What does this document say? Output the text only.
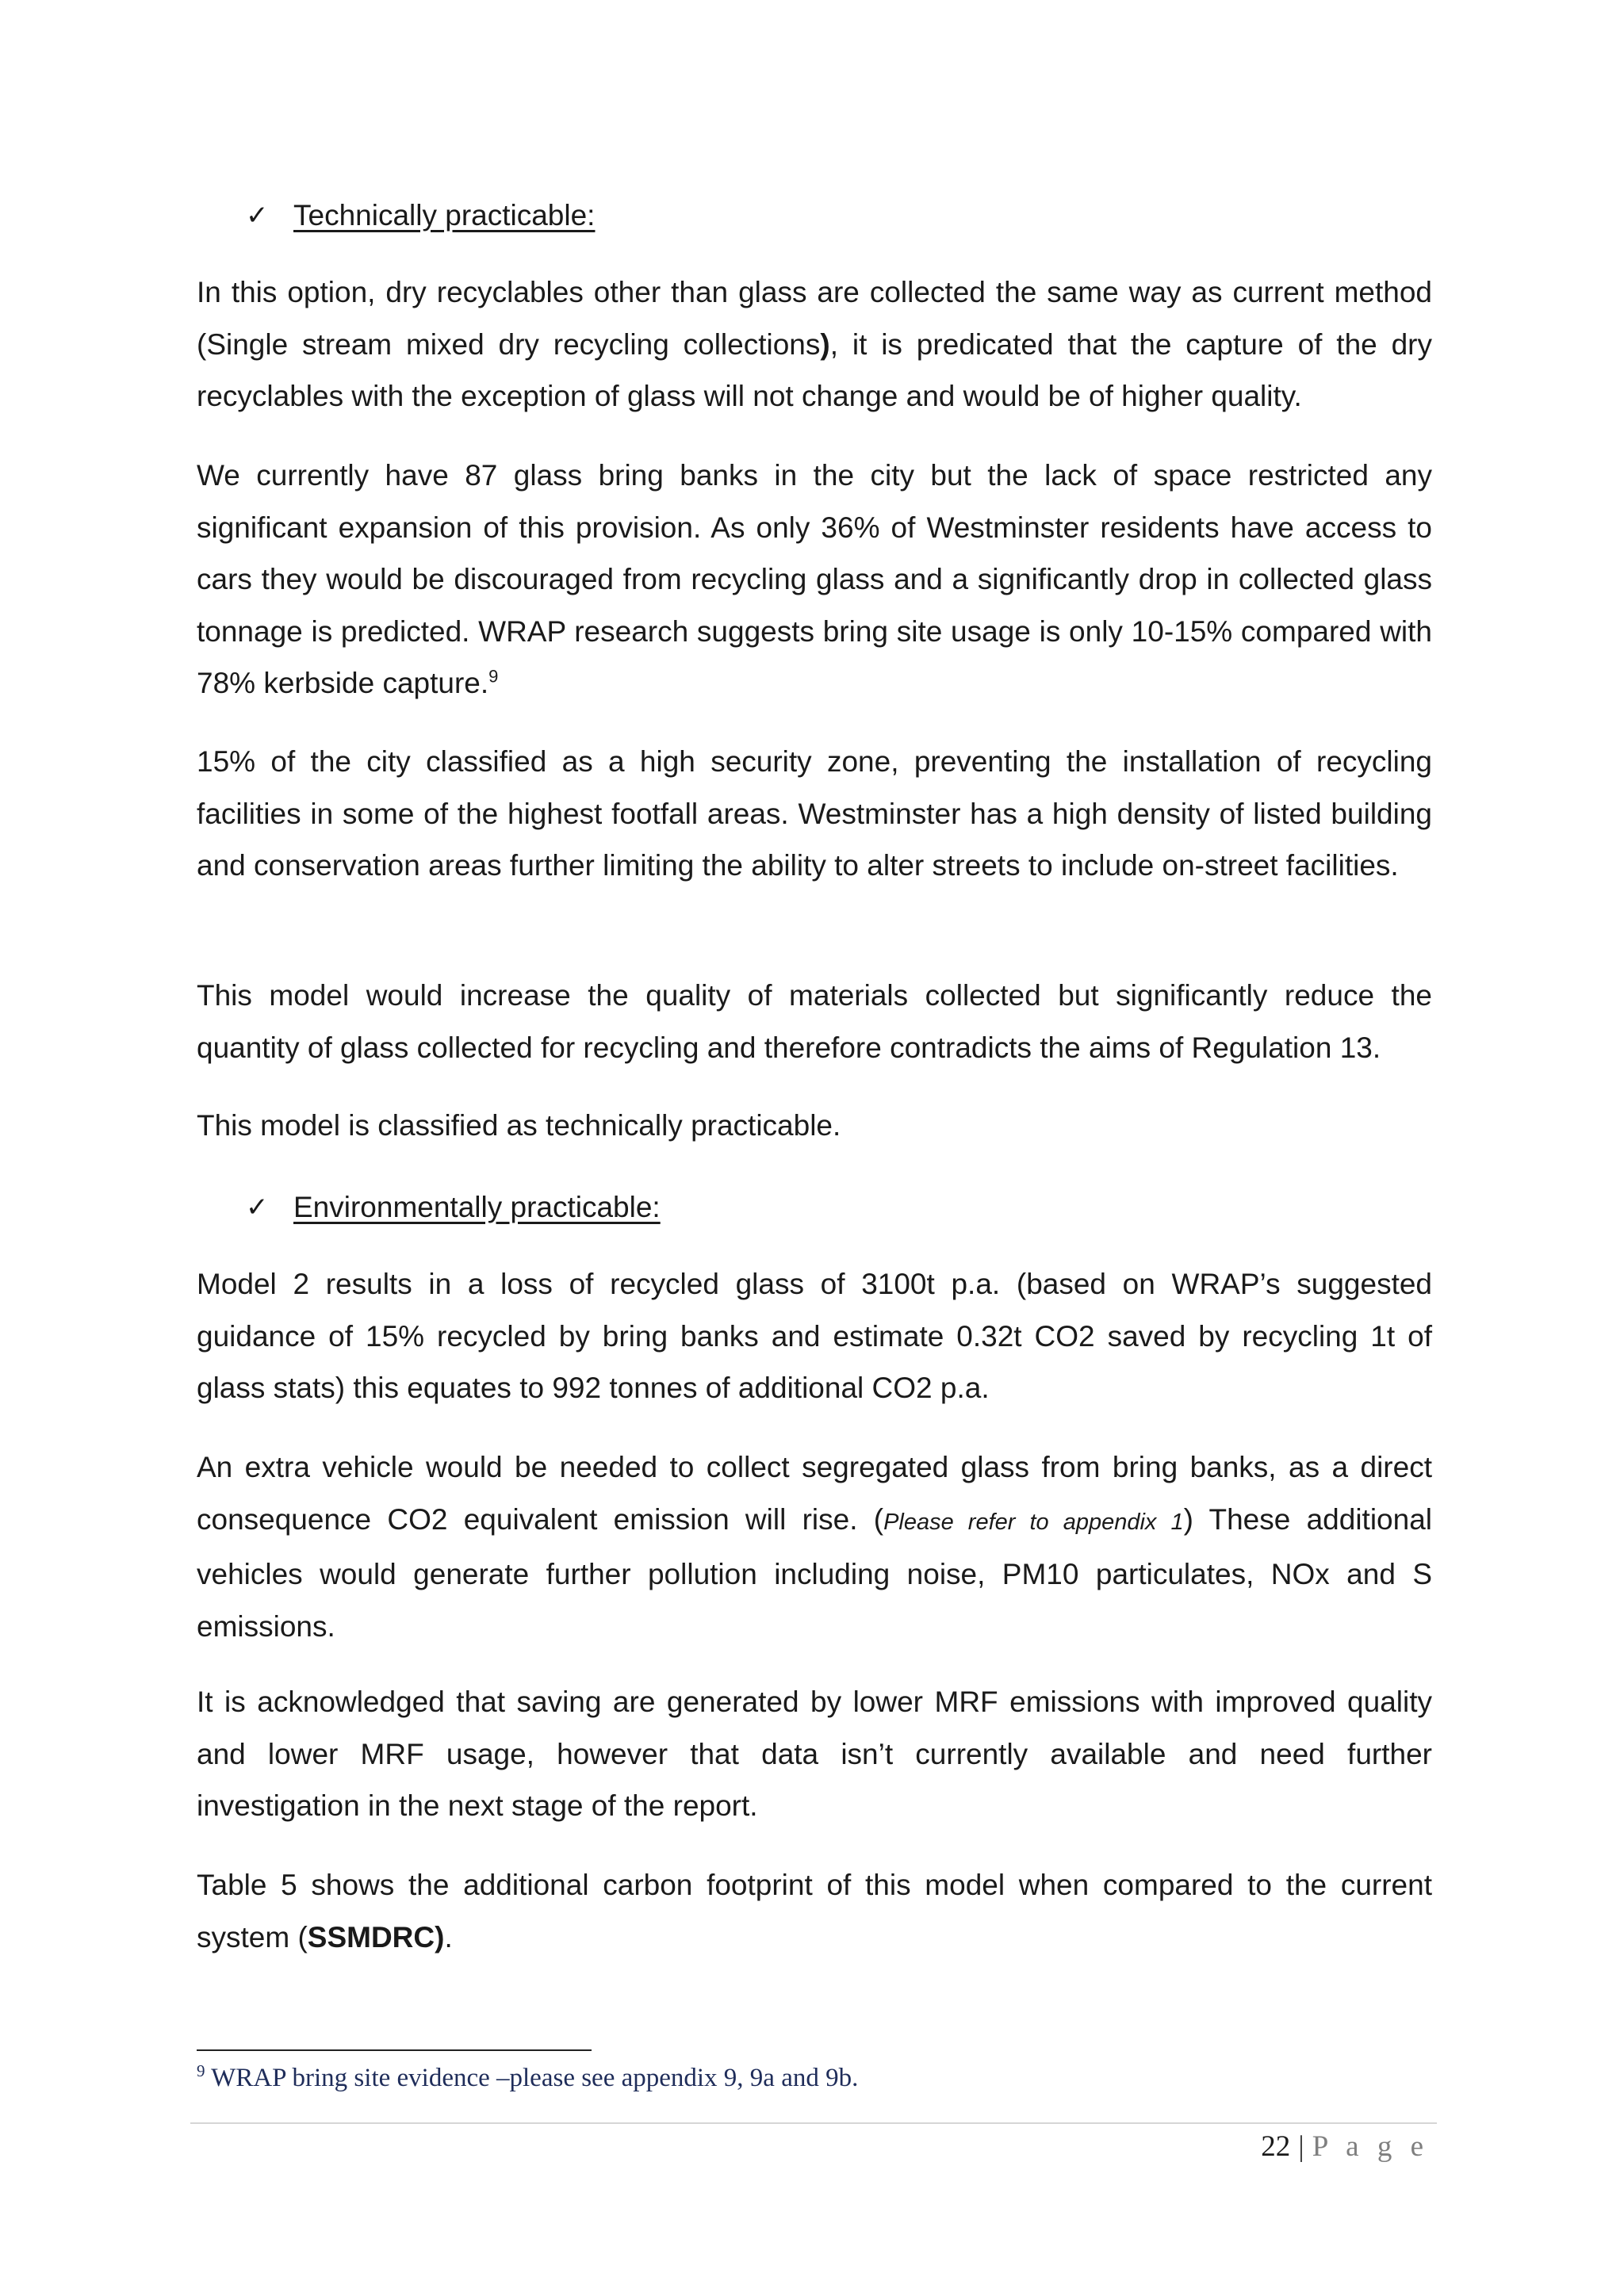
✓ Technically practicable:

In this option, dry recyclables other than glass are collected the same way as current method (Single stream mixed dry recycling collections), it is predicated that the capture of the dry recyclables with the exception of glass will not change and would be of higher quality.

We currently have 87 glass bring banks in the city but the lack of space restricted any significant expansion of this provision. As only 36% of Westminster residents have access to cars they would be discouraged from recycling glass and a significantly drop in collected glass tonnage is predicted. WRAP research suggests bring site usage is only 10-15% compared with 78% kerbside capture.$^9$

15% of the city classified as a high security zone, preventing the installation of recycling facilities in some of the highest footfall areas. Westminster has a high density of listed building and conservation areas further limiting the ability to alter streets to include on-street facilities.

This model would increase the quality of materials collected but significantly reduce the quantity of glass collected for recycling and therefore contradicts the aims of Regulation 13.

This model is classified as technically practicable.

✓ Environmentally practicable:

Model 2 results in a loss of recycled glass of 3100t p.a. (based on WRAP’s suggested guidance of 15% recycled by bring banks and estimate 0.32t CO2 saved by recycling 1t of glass stats) this equates to 992 tonnes of additional CO2 p.a.

An extra vehicle would be needed to collect segregated glass from bring banks, as a direct consequence CO2 equivalent emission will rise. (Please refer to appendix 1) These additional vehicles would generate further pollution including noise, PM10 particulates, NOx and S emissions.

It is acknowledged that saving are generated by lower MRF emissions with improved quality and lower MRF usage, however that data isn’t currently available and need further investigation in the next stage of the report.

Table 5 shows the additional carbon footprint of this model when compared to the current system (SSMDRC).

$^9$ WRAP bring site evidence –please see appendix 9, 9a and 9b.
22 | P a g e
